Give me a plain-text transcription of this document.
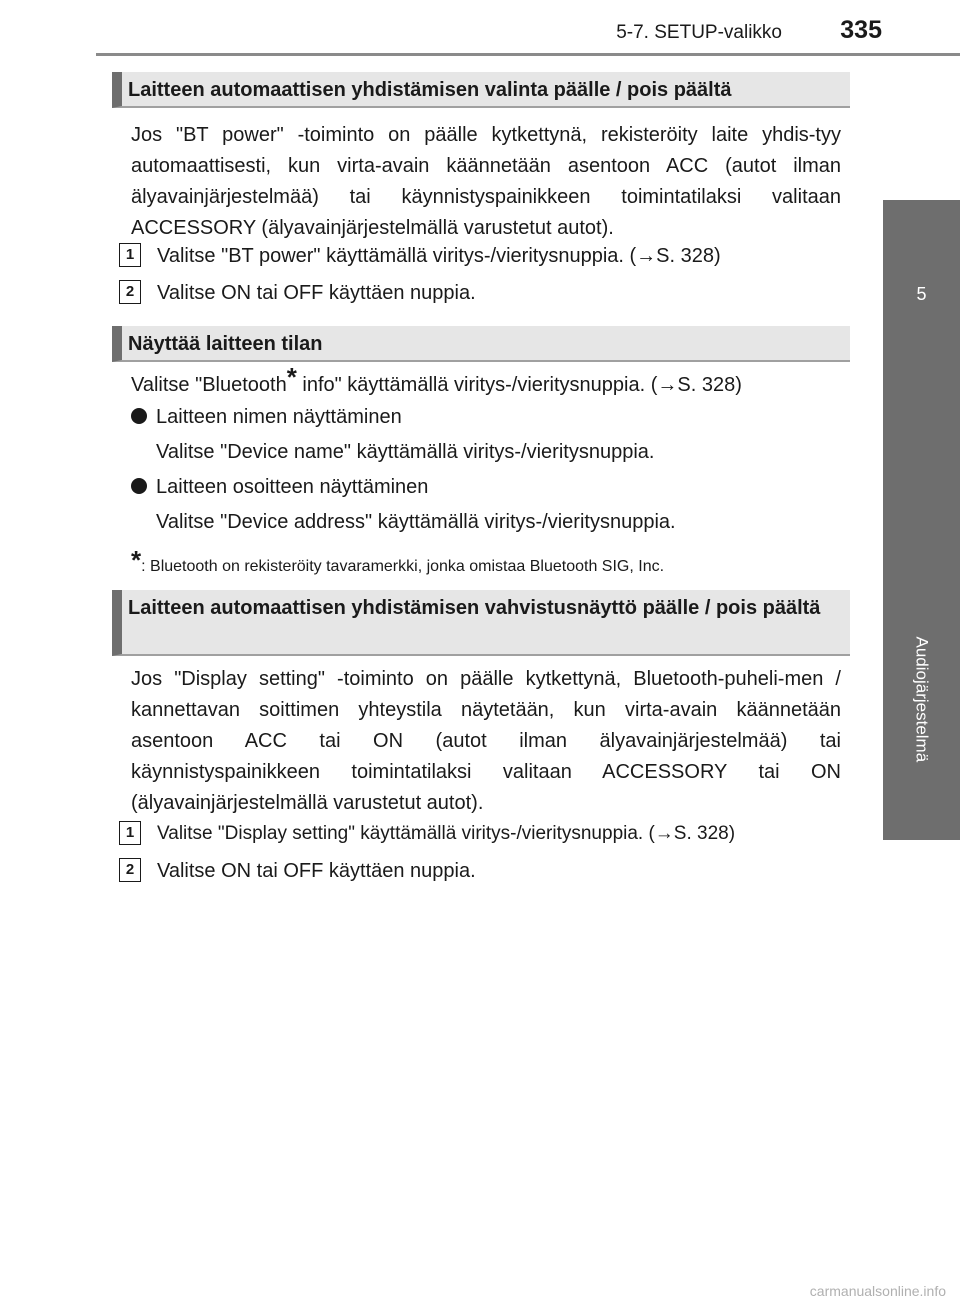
5-7. SETUP-valikko 335
5
Audiojärjestelmä
Laitteen automaattisen yhdistämisen valinta päälle / pois päältä
Jos "BT power" -toiminto on päälle kytkettynä, rekisteröity laite yhdis-tyy automaattisesti, kun virta-avain käännetään asentoon ACC (autot ilman älyavainjärjestelmää) tai käynnistyspainikkeen toimintatilaksi valitaan ACCESSORY (älyavainjärjestelmällä varustetut autot).
1	Valitse "BT power" käyttämällä viritys-/vieritysnuppia. (→S. 328)
2	Valitse ON tai OFF käyttäen nuppia.
Näyttää laitteen tilan
Valitse "Bluetooth* info" käyttämällä viritys-/vieritysnuppia. (→S. 328)
Laitteen nimen näyttäminen
Valitse "Device name" käyttämällä viritys-/vieritysnuppia.
Laitteen osoitteen näyttäminen
Valitse "Device address" käyttämällä viritys-/vieritysnuppia.
*: Bluetooth on rekisteröity tavaramerkki, jonka omistaa Bluetooth SIG, Inc.
Laitteen automaattisen yhdistämisen vahvistusnäyttö päälle / pois päältä
Jos "Display setting" -toiminto on päälle kytkettynä, Bluetooth-puheli-men / kannettavan soittimen yhteystila näytetään, kun virta-avain käännetään asentoon ACC tai ON (autot ilman älyavainjärjestelmää) tai käynnistyspainikkeen toimintatilaksi valitaan ACCESSORY tai ON (älyavainjärjestelmällä varustetut autot).
1	Valitse "Display setting" käyttämällä viritys-/vieritysnuppia. (→S. 328)
2	Valitse ON tai OFF käyttäen nuppia.
carmanualsonline.info
